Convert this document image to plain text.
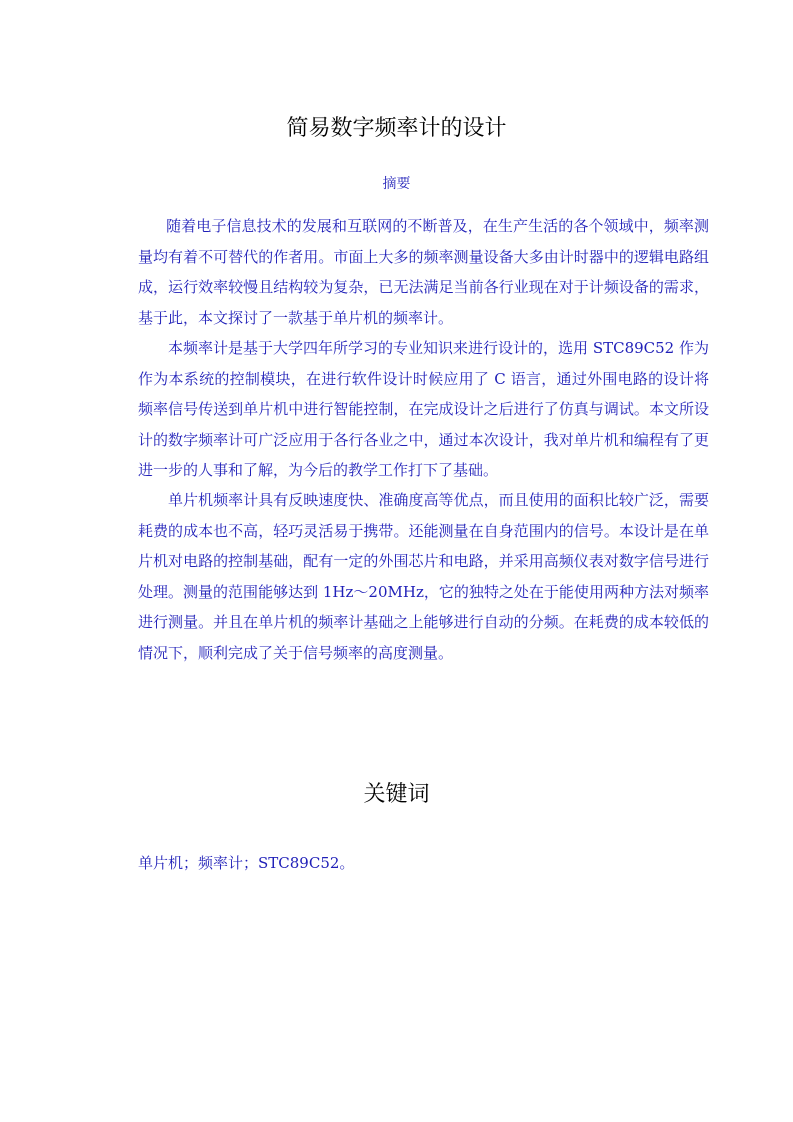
简易数字频率计的设计
摘要

随着电子信息技术的发展和互联网的不断普及，在生产生活的各个领域中，频率测量均有着不可替代的作者用。市面上大多的频率测量设备大多由计时器中的逻辑电路组成，运行效率较慢且结构较为复杂，已无法满足当前各行业现在对于计频设备的需求，基于此，本文探讨了一款基于单片机的频率计。

本频率计是基于大学四年所学习的专业知识来进行设计的，选用 STC89C52 作为作为本系统的控制模块，在进行软件设计时候应用了 C 语言，通过外围电路的设计将频率信号传送到单片机中进行智能控制，在完成设计之后进行了仿真与调试。本文所设计的数字频率计可广泛应用于各行各业之中，通过本次设计，我对单片机和编程有了更进一步的人事和了解，为今后的教学工作打下了基础。

单片机频率计具有反映速度快、准确度高等优点，而且使用的面积比较广泛，需要耗费的成本也不高，轻巧灵活易于携带。还能测量在自身范围内的信号。本设计是在单片机对电路的控制基础，配有一定的外围芯片和电路，并采用高频仪表对数字信号进行处理。测量的范围能够达到 1Hz～20MHz，它的独特之处在于能使用两种方法对频率进行测量。并且在单片机的频率计基础之上能够进行自动的分频。在耗费的成本较低的情况下，顺利完成了关于信号频率的高度测量。

关键词

单片机；频率计；STC89C52。
